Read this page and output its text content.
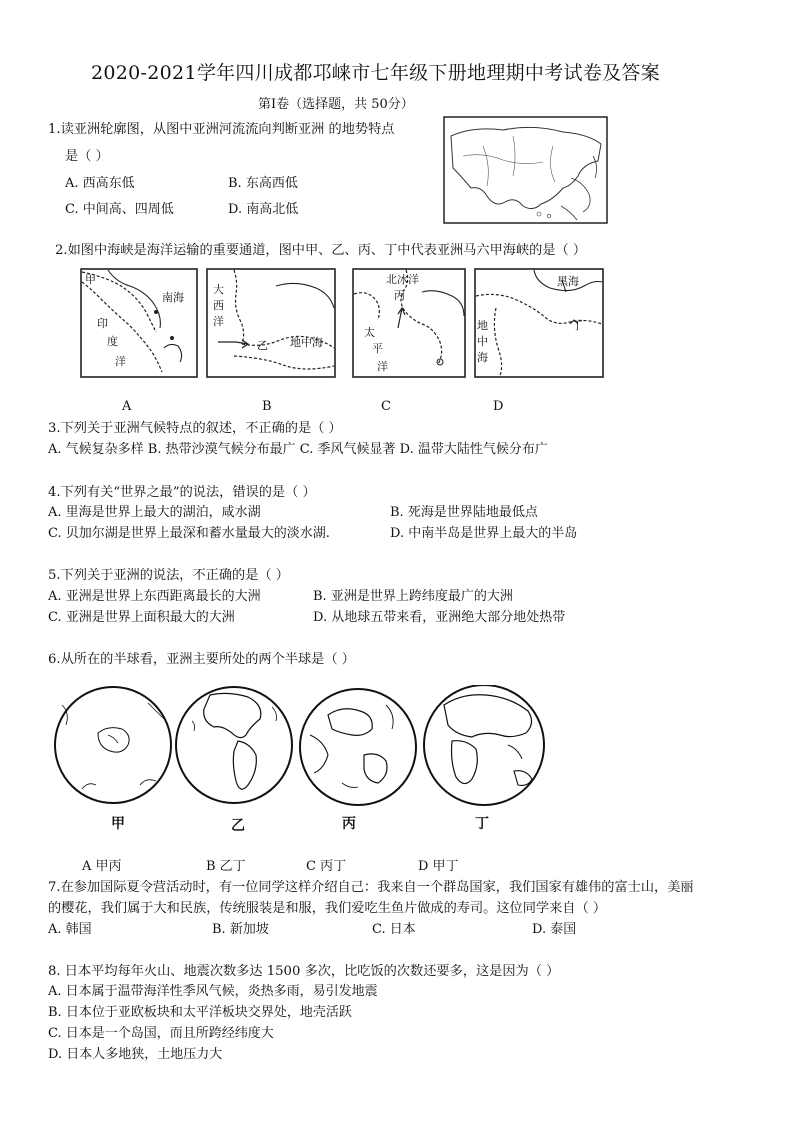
2020-2021学年四川成都邛崃市七年级下册地理期中考试卷及答案
第Ⅰ卷（选择题，共 50分）
1.读亚洲轮廓图，从图中亚洲河流流向判断亚洲 的地势特点
是（ ）
A. 西高东低	B. 东高西低
C. 中间高、四周低	D. 南高北低
2.如图中海峡是海洋运输的重要通道，图中甲、乙、丙、丁中代表亚洲马六甲海峡的是（ ）
甲
南海
印
度
洋
大
西
洋
乙 地中海
北冰洋
丙
太
平
洋
黑海
丁
地
中
海
A	B	C	D
3.下列关于亚洲气候特点的叙述，不正确的是（ ）
A. 气候复杂多样 B. 热带沙漠气候分布最广 C. 季风气候显著 D. 温带大陆性气候分布广
4.下列有关“世界之最”的说法，错误的是（ ）
A. 里海是世界上最大的湖泊，咸水湖	B. 死海是世界陆地最低点
C. 贝加尔湖是世界上最深和蓄水量最大的淡水湖.	D. 中南半岛是世界上最大的半岛
5.下列关于亚洲的说法，不正确的是（ ）
A. 亚洲是世界上东西距离最长的大洲	B. 亚洲是世界上跨纬度最广的大洲
C. 亚洲是世界上面积最大的大洲	D. 从地球五带来看，亚洲绝大部分地处热带
6.从所在的半球看，亚洲主要所处的两个半球是（ ）
甲	乙	丙	丁
A 甲丙	B 乙丁	C 丙丁	D 甲丁
7.在参加国际夏令营活动时，有一位同学这样介绍自己：我来自一个群岛国家，我们国家有雄伟的富士山，美丽
的樱花，我们属于大和民族，传统服装是和服，我们爱吃生鱼片做成的寿司。这位同学来自（ ）
A. 韩国	B. 新加坡	C. 日本	D. 泰国
8. 日本平均每年火山、地震次数多达 1500 多次，比吃饭的次数还要多，这是因为（ ）
A. 日本属于温带海洋性季风气候，炎热多雨，易引发地震
B. 日本位于亚欧板块和太平洋板块交界处，地壳活跃
C. 日本是一个岛国，而且所跨经纬度大
D. 日本人多地狭，土地压力大
